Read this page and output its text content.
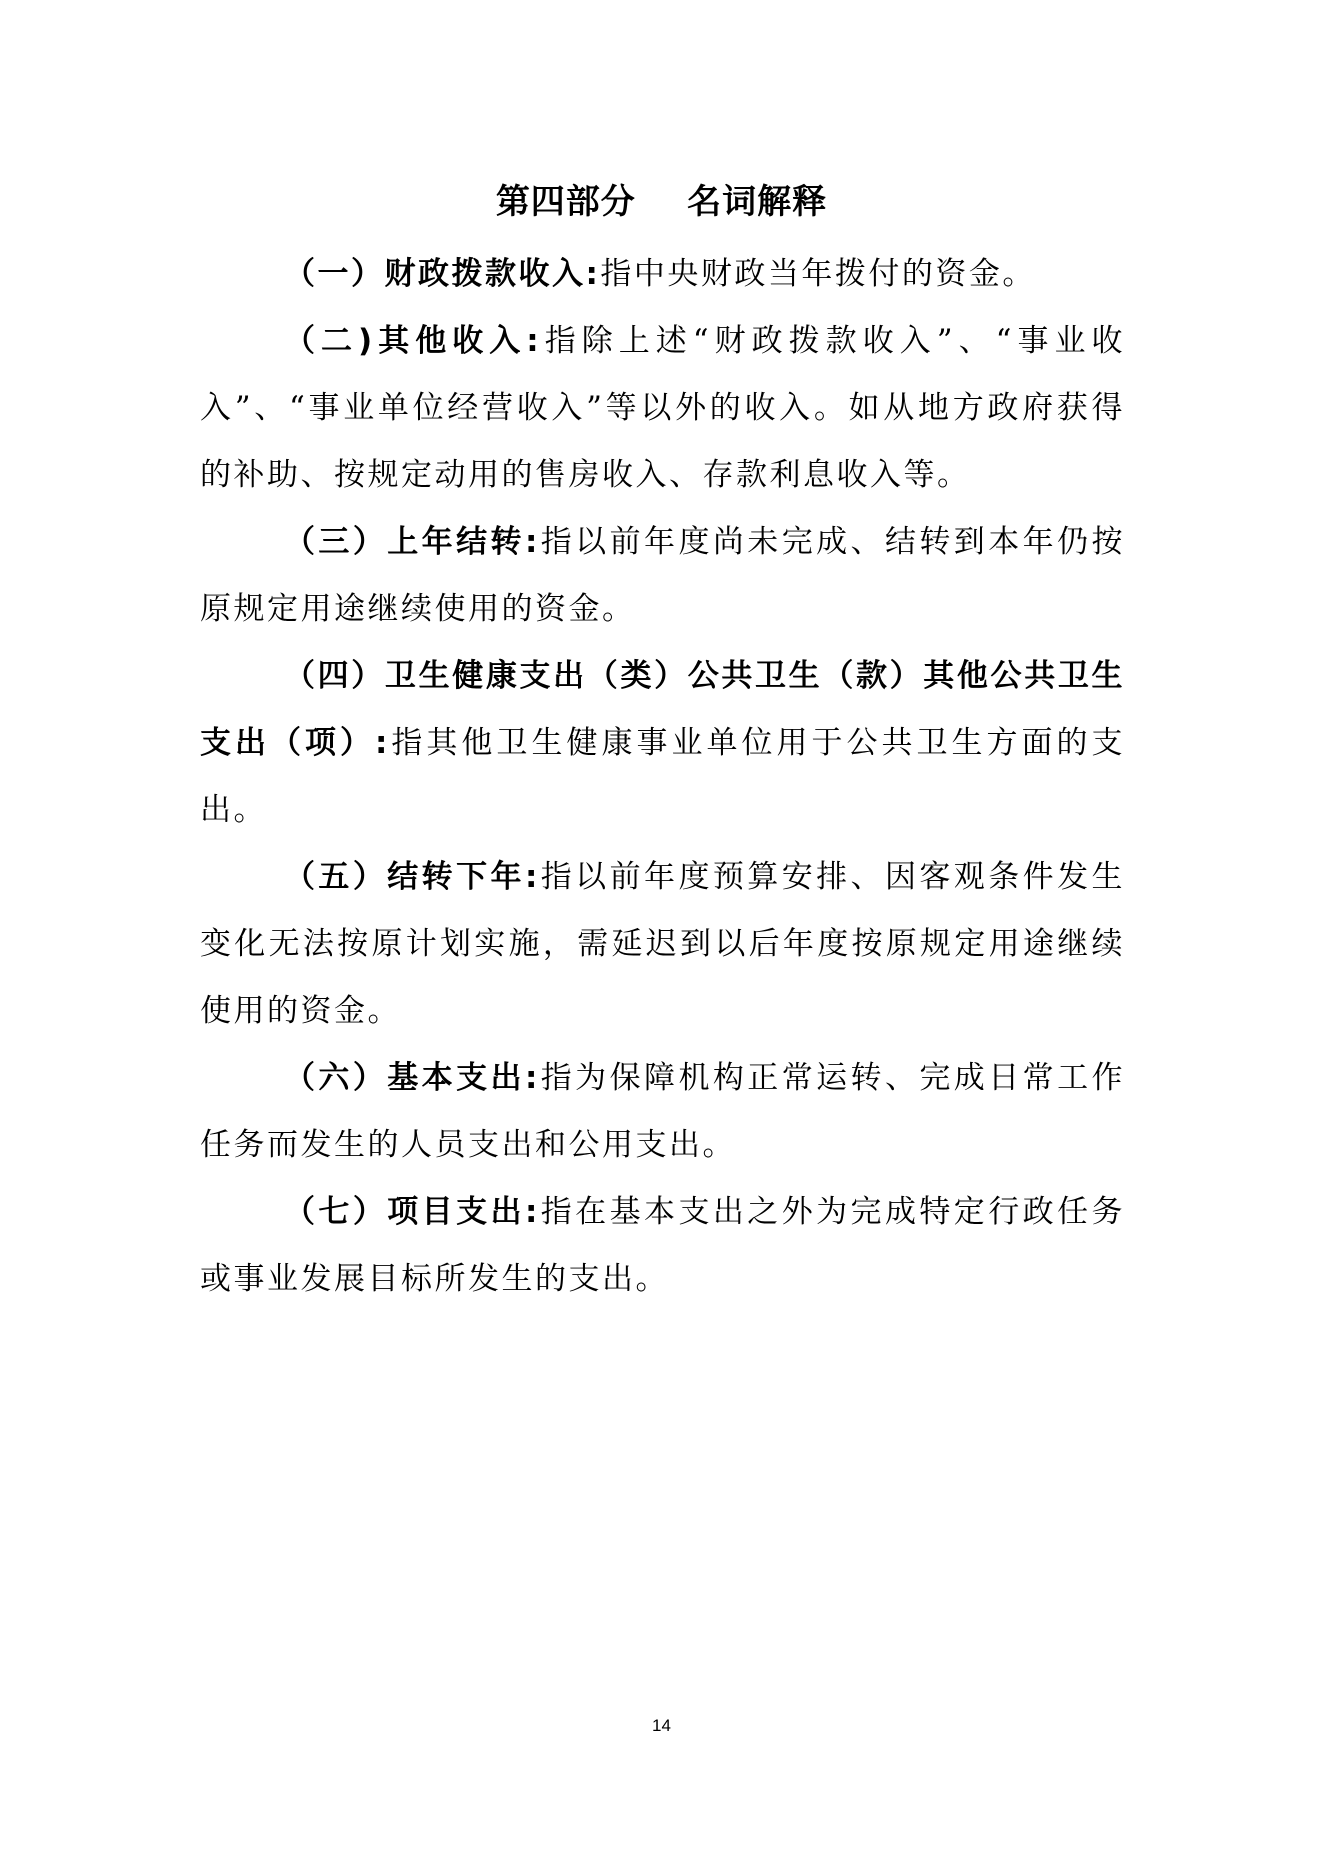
第四部分    名词解释

（一）财政拨款收入:指中央财政当年拨付的资金。

（二)其他收入:指除上述“财政拨款收入”、“事业收入”、“事业单位经营收入”等以外的收入。如从地方政府获得的补助、按规定动用的售房收入、存款利息收入等。

（三）上年结转:指以前年度尚未完成、结转到本年仍按原规定用途继续使用的资金。

（四）卫生健康支出（类）公共卫生（款）其他公共卫生支出（项）:指其他卫生健康事业单位用于公共卫生方面的支出。

（五）结转下年:指以前年度预算安排、因客观条件发生变化无法按原计划实施，需延迟到以后年度按原规定用途继续使用的资金。

（六）基本支出:指为保障机构正常运转、完成日常工作任务而发生的人员支出和公用支出。

（七）项目支出:指在基本支出之外为完成特定行政任务或事业发展目标所发生的支出。

14
